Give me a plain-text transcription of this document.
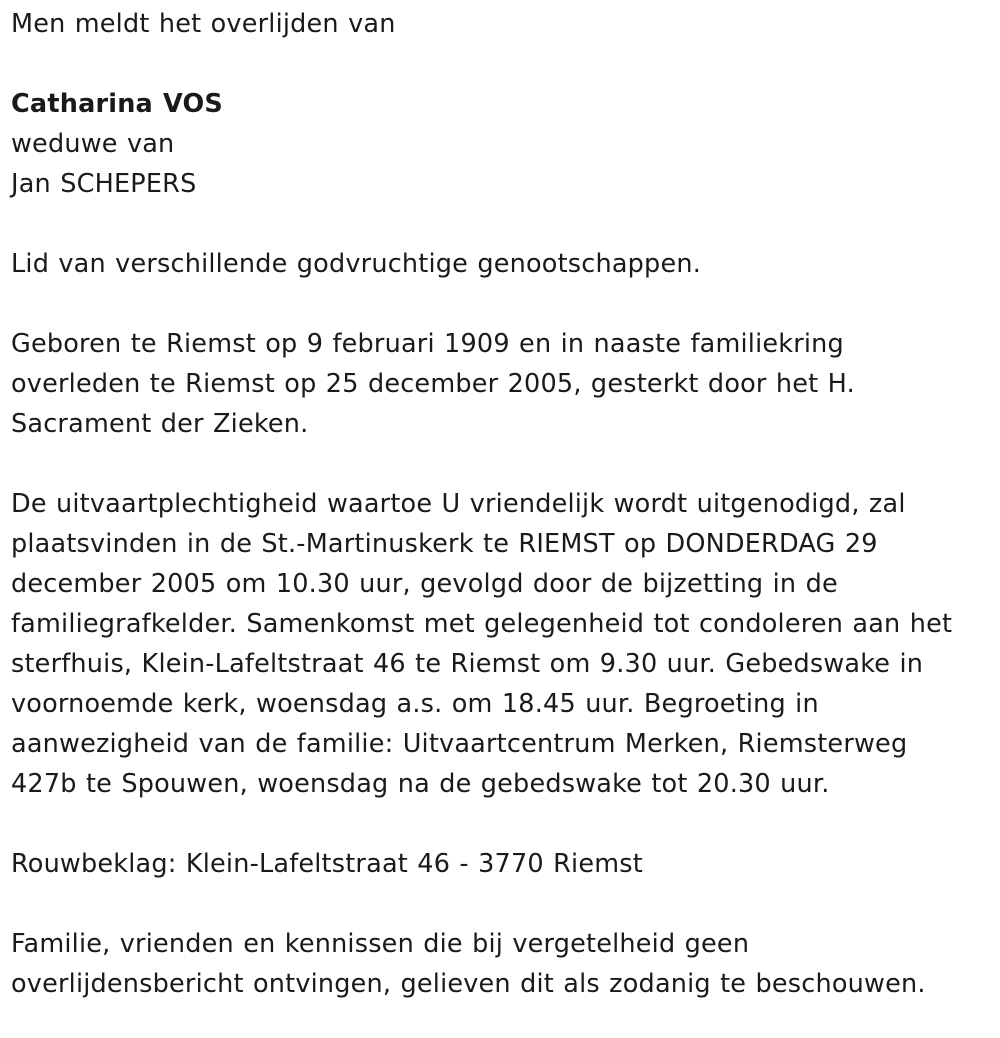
Men meldt het overlijden van

Catharina VOS

weduwe van

Jan SCHEPERS

Lid van verschillende godvruchtige genootschappen.

Geboren te Riemst op 9 februari 1909 en in naaste familiekring

overleden te Riemst op 25 december 2005, gesterkt door het H.

Sacrament der Zieken.

De uitvaartplechtigheid waartoe U vriendelijk wordt uitgenodigd, zal

plaatsvinden in de St.-Martinuskerk te RIEMST op DONDERDAG 29

december 2005 om 10.30 uur, gevolgd door de bijzetting in de

familiegrafkelder. Samenkomst met gelegenheid tot condoleren aan het

sterfhuis, Klein-Lafeltstraat 46 te Riemst om 9.30 uur. Gebedswake in

voornoemde kerk, woensdag a.s. om 18.45 uur. Begroeting in

aanwezigheid van de familie: Uitvaartcentrum Merken, Riemsterweg

427b te Spouwen, woensdag na de gebedswake tot 20.30 uur.

Rouwbeklag: Klein-Lafeltstraat 46 - 3770 Riemst

Familie, vrienden en kennissen die bij vergetelheid geen

overlijdensbericht ontvingen, gelieven dit als zodanig te beschouwen.
